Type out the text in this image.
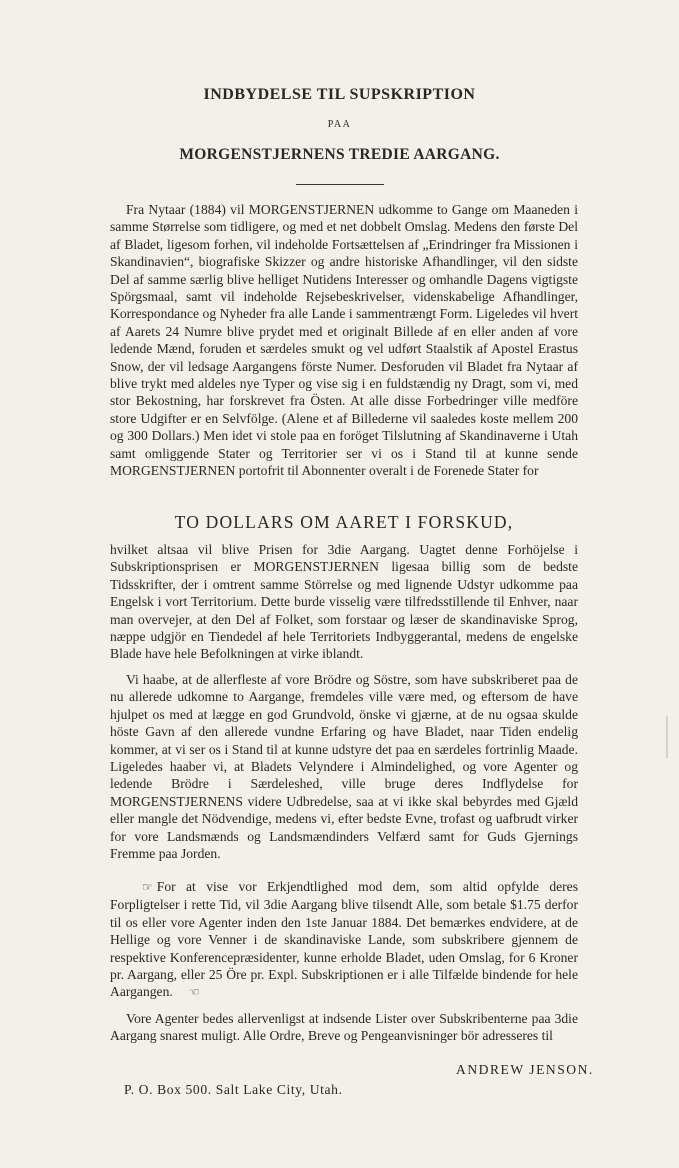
INDBYDELSE TIL SUPSKRIPTION
PAA
MORGENSTJERNENS TREDIE AARGANG.

Fra Nytaar (1884) vil MORGENSTJERNEN udkomme to Gange om Maaneden i samme Størrelse som tidligere, og med et net dobbelt Omslag. Medens den første Del af Bladet, ligesom forhen, vil indeholde Fortsættelsen af „Erindringer fra Missionen i Skandinavien“, biografiske Skizzer og andre historiske Afhandlinger, vil den sidste Del af samme særlig blive helliget Nutidens Interesser og omhandle Dagens vigtigste Spörgsmaal, samt vil indeholde Rejsebeskrivelser, videnskabelige Afhandlinger, Korrespondance og Nyheder fra alle Lande i sammentrængt Form. Ligeledes vil hvert af Aarets 24 Numre blive prydet med et originalt Billede af en eller anden af vore ledende Mænd, foruden et særdeles smukt og vel udført Staalstik af Apostel Erastus Snow, der vil ledsage Aargangens förste Numer. Desforuden vil Bladet fra Nytaar af blive trykt med aldeles nye Typer og vise sig i en fuldstændig ny Dragt, som vi, med stor Bekostning, har forskrevet fra Östen. At alle disse Forbedringer ville medföre store Udgifter er en Selvfölge. (Alene et af Billederne vil saaledes koste mellem 200 og 300 Dollars.) Men idet vi stole paa en foröget Tilslutning af Skandinaverne i Utah samt omliggende Stater og Territorier ser vi os i Stand til at kunne sende MORGENSTJERNEN portofrit til Abonnenter overalt i de Forenede Stater for

TO DOLLARS OM AARET I FORSKUD,

hvilket altsaa vil blive Prisen for 3die Aargang. Uagtet denne Forhöjelse i Subskriptionsprisen er MORGENSTJERNEN ligesaa billig som de bedste Tidsskrifter, der i omtrent samme Störrelse og med lignende Udstyr udkomme paa Engelsk i vort Territorium. Dette burde visselig være tilfredsstillende til Enhver, naar man overvejer, at den Del af Folket, som forstaar og læser de skandinaviske Sprog, næppe udgjör en Tiendedel af hele Territoriets Indbyggerantal, medens de engelske Blade have hele Befolkningen at virke iblandt.

Vi haabe, at de allerfleste af vore Brödre og Söstre, som have subskriberet paa de nu allerede udkomne to Aargange, fremdeles ville være med, og eftersom de have hjulpet os med at lægge en god Grundvold, önske vi gjærne, at de nu ogsaa skulde höste Gavn af den allerede vundne Erfaring og have Bladet, naar Tiden endelig kommer, at vi ser os i Stand til at kunne udstyre det paa en særdeles fortrinlig Maade. Ligeledes haaber vi, at Bladets Velyndere i Almindelighed, og vore Agenter og ledende Brödre i Særdeleshed, ville bruge deres Indflydelse for MORGENSTJERNENS videre Udbredelse, saa at vi ikke skal bebyrdes med Gjæld eller mangle det Nödvendige, medens vi, efter bedste Evne, trofast og uafbrudt virker for vore Landsmænds og Landsmændinders Velfærd samt for Guds Gjernings Fremme paa Jorden.

☞ For at vise vor Erkjendtlighed mod dem, som altid opfylde deres Forpligtelser i rette Tid, vil 3die Aargang blive tilsendt Alle, som betale $1.75 derfor til os eller vore Agenter inden den 1ste Januar 1884. Det bemærkes endvidere, at de Hellige og vore Venner i de skandinaviske Lande, som subskribere gjennem de respektive Konferencepræsidenter, kunne erholde Bladet, uden Omslag, for 6 Kroner pr. Aargang, eller 25 Öre pr. Expl. Subskriptionen er i alle Tilfælde bindende for hele Aargangen. ☜

Vore Agenter bedes allervenligst at indsende Lister over Subskribenterne paa 3die Aargang snarest muligt. Alle Ordre, Breve og Pengeanvisninger bör adresseres til

ANDREW JENSON.
P. O. Box 500. Salt Lake City, Utah.
